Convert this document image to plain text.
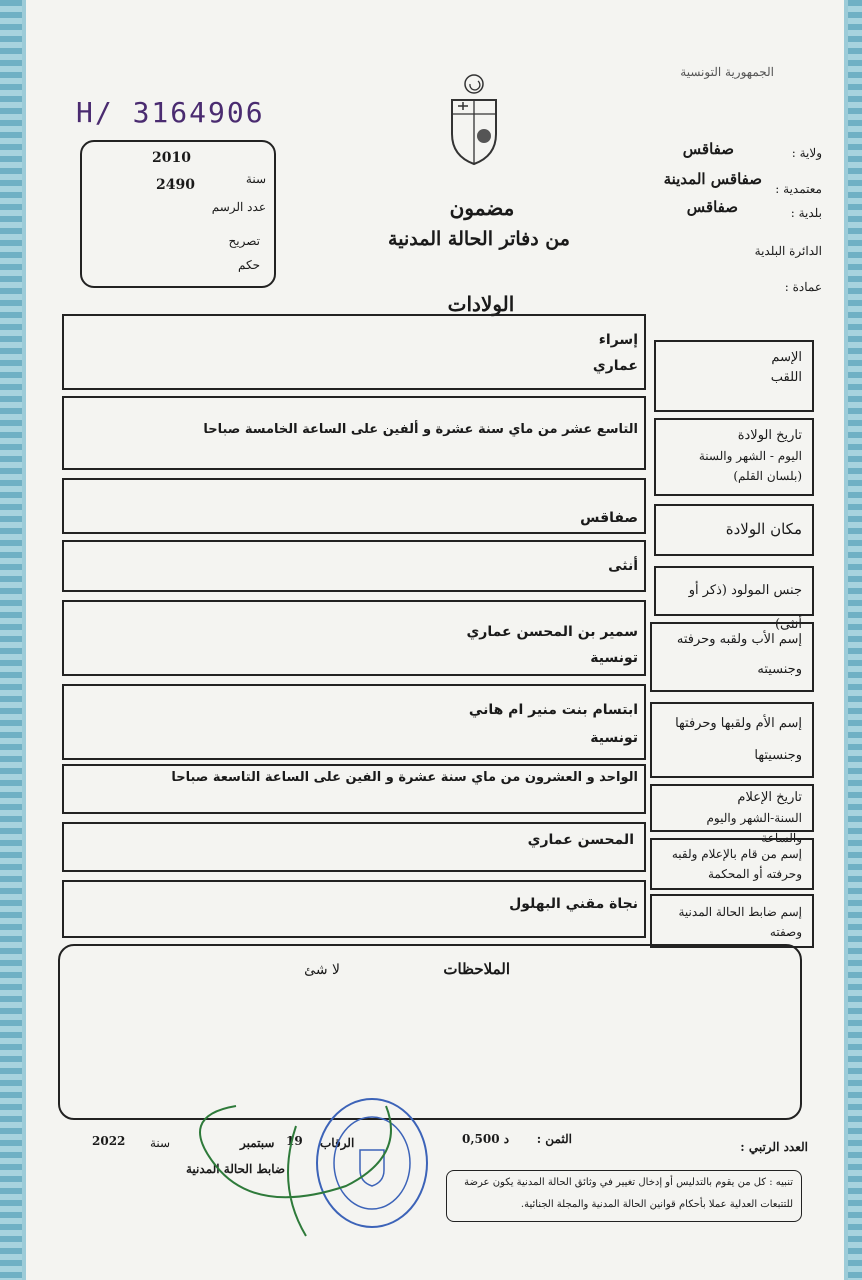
الجمهورية التونسية
H/ 3164906
2010
سنة
2490
عدد الرسم
تصريح
حكم
مضمون
من دفاتر الحالة المدنية
الولادات
ولاية :
صفاقس
معتمدية :
صفاقس المدينة
بلدية :
صفاقس
الدائرة البلدية
عمادة :
إسراء
عماري
الإسم
اللقب
التاسع عشر من ماي سنة عشرة و ألفين على الساعة الخامسة صباحا	تاريخ الولادة
اليوم - الشهر والسنة
(بلسان القلم)
صفاقس
مكان الولادة
أنثى
جنس المولود (ذكر أو أنثى)
سمير بن المحسن عماري
تونسية
إسم الأب ولقبه وحرفته
وجنسيته
ابتسام بنت منير ام هاني
تونسية
إسم الأم ولقبها وحرفتها
وجنسيتها
الواحد و العشرون من ماي سنة عشرة و الفين على الساعة التاسعة صباحا
تاريخ الإعلام
السنة-الشهر واليوم والساعة
المحسن عماري
إسم من قام بالإعلام ولقبه
وحرفته أو المحكمة
نجاة مقني البهلول	إسم ضابط الحالة المدنية
وصفته
الملاحظات
لا شئ
العدد الرتبي :
الثمن :
0,500 د
الرقاب
سبتمبر 19
سنة
2022
ضابط الحالة المدنية
تنبيه : كل من يقوم بالتدليس أو إدخال تغيير في وثائق الحالة المدنية يكون عرضة
للتتبعات العدلية عملا بأحكام قوانين الحالة المدنية والمجلة الجنائية.
